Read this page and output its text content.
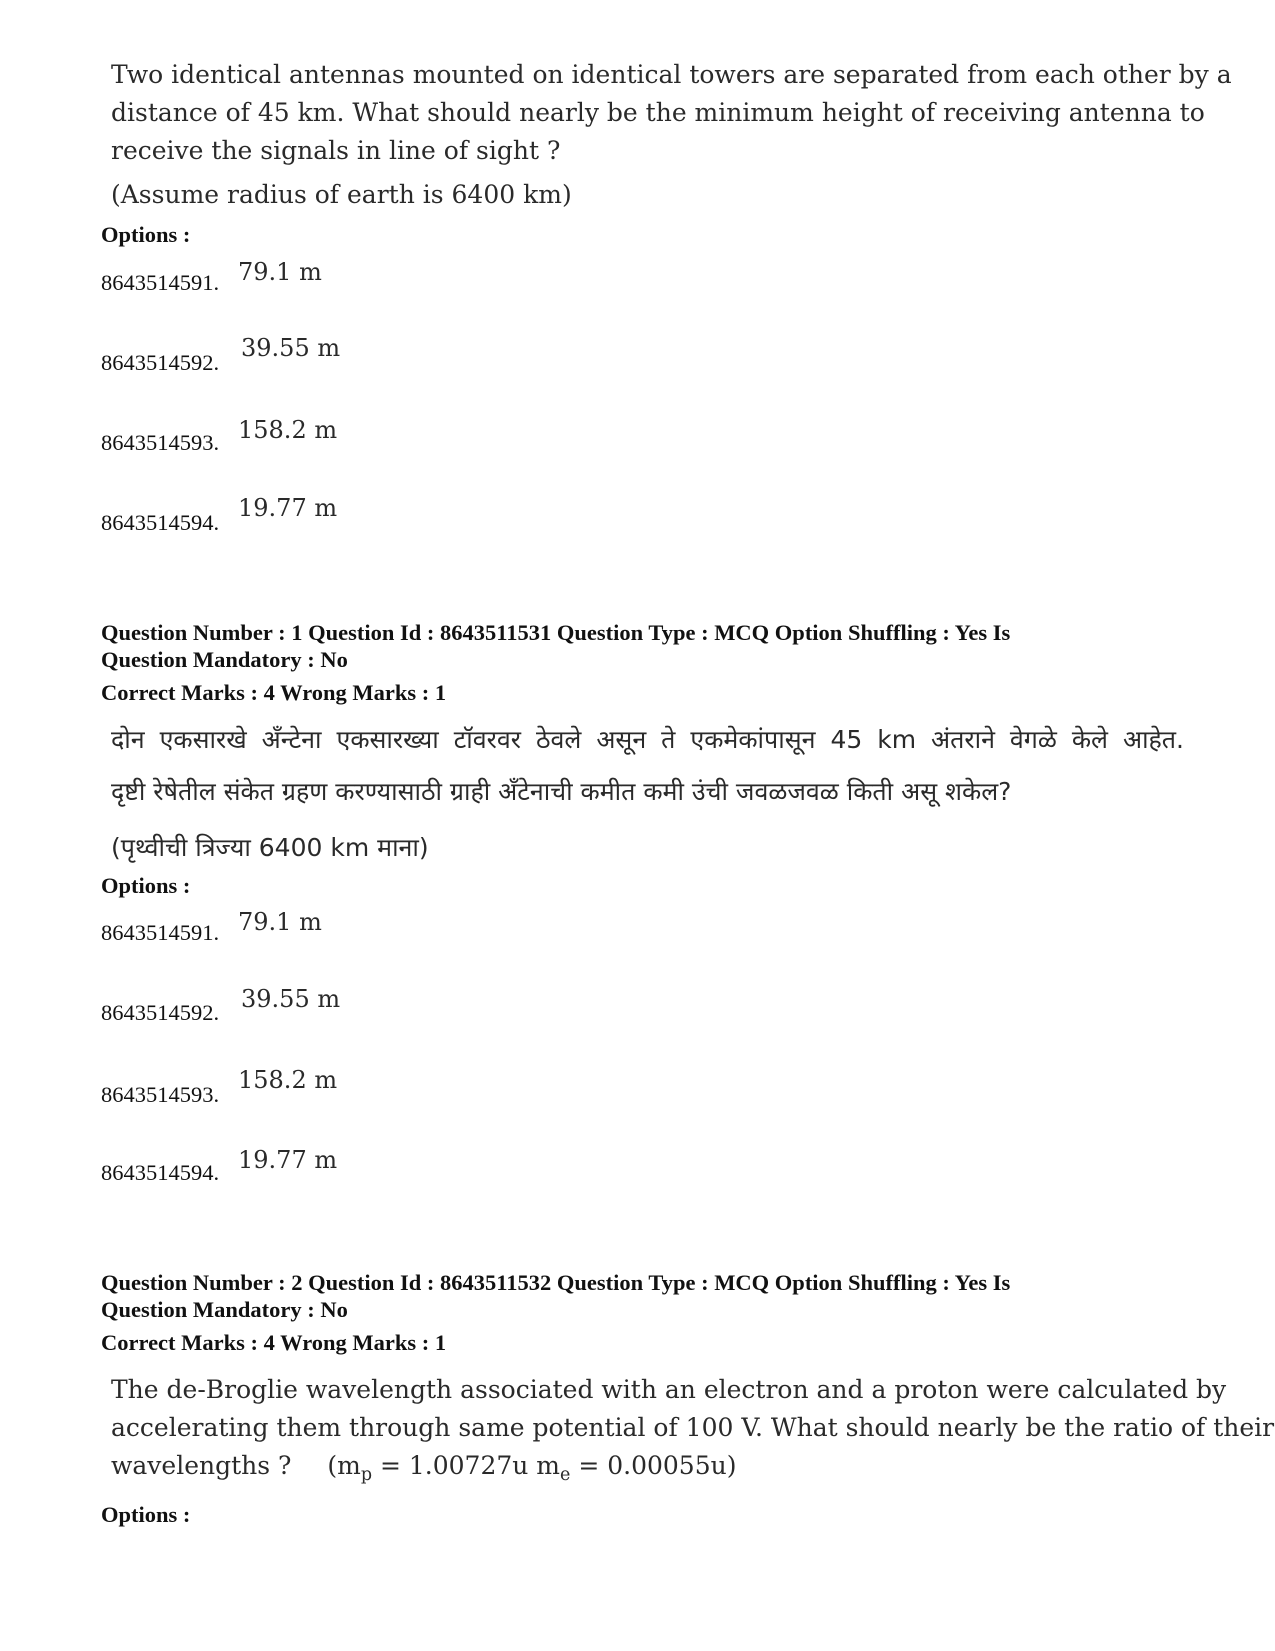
Two identical antennas mounted on identical towers are separated from each other by a
distance of 45 km. What should nearly be the minimum height of receiving antenna to
receive the signals in line of sight ?
(Assume radius of earth is 6400 km)
Options :
8643514591. 79.1 m
8643514592.
39.55 m
8643514593. 158.2 m
8643514594.
19.77 m
Question Number : 1 Question Id : 8643511531 Question Type : MCQ Option Shuffling : Yes Is
Question Mandatory : No
Correct Marks : 4 Wrong Marks : 1
दोन एकसारखे अँन्टेना एकसारख्या टॉवरवर ठेवले असून ते एकमेकांपासून 45 km अंतराने वेगळे केले आहेत.
दृष्टी रेषेतील संकेत ग्रहण करण्यासाठी ग्राही अँटेनाची कमीत कमी उंची जवळजवळ किती असू शकेल?
(पृथ्वीची त्रिज्या 6400 km माना)
Options :
8643514591. 79.1 m
8643514592. 39.55 m
8643514593.
158.2 m
8643514594. 19.77 m
Question Number : 2 Question Id : 8643511532 Question Type : MCQ Option Shuffling : Yes Is
Question Mandatory : No
Correct Marks : 4 Wrong Marks : 1
The de-Broglie wavelength associated with an electron and a proton were calculated by
accelerating them through same potential of 100 V. What should nearly be the ratio of their
wavelengths ? ($m_p = 1.00727u$ $m_e = 0.00055u$)
Options :
